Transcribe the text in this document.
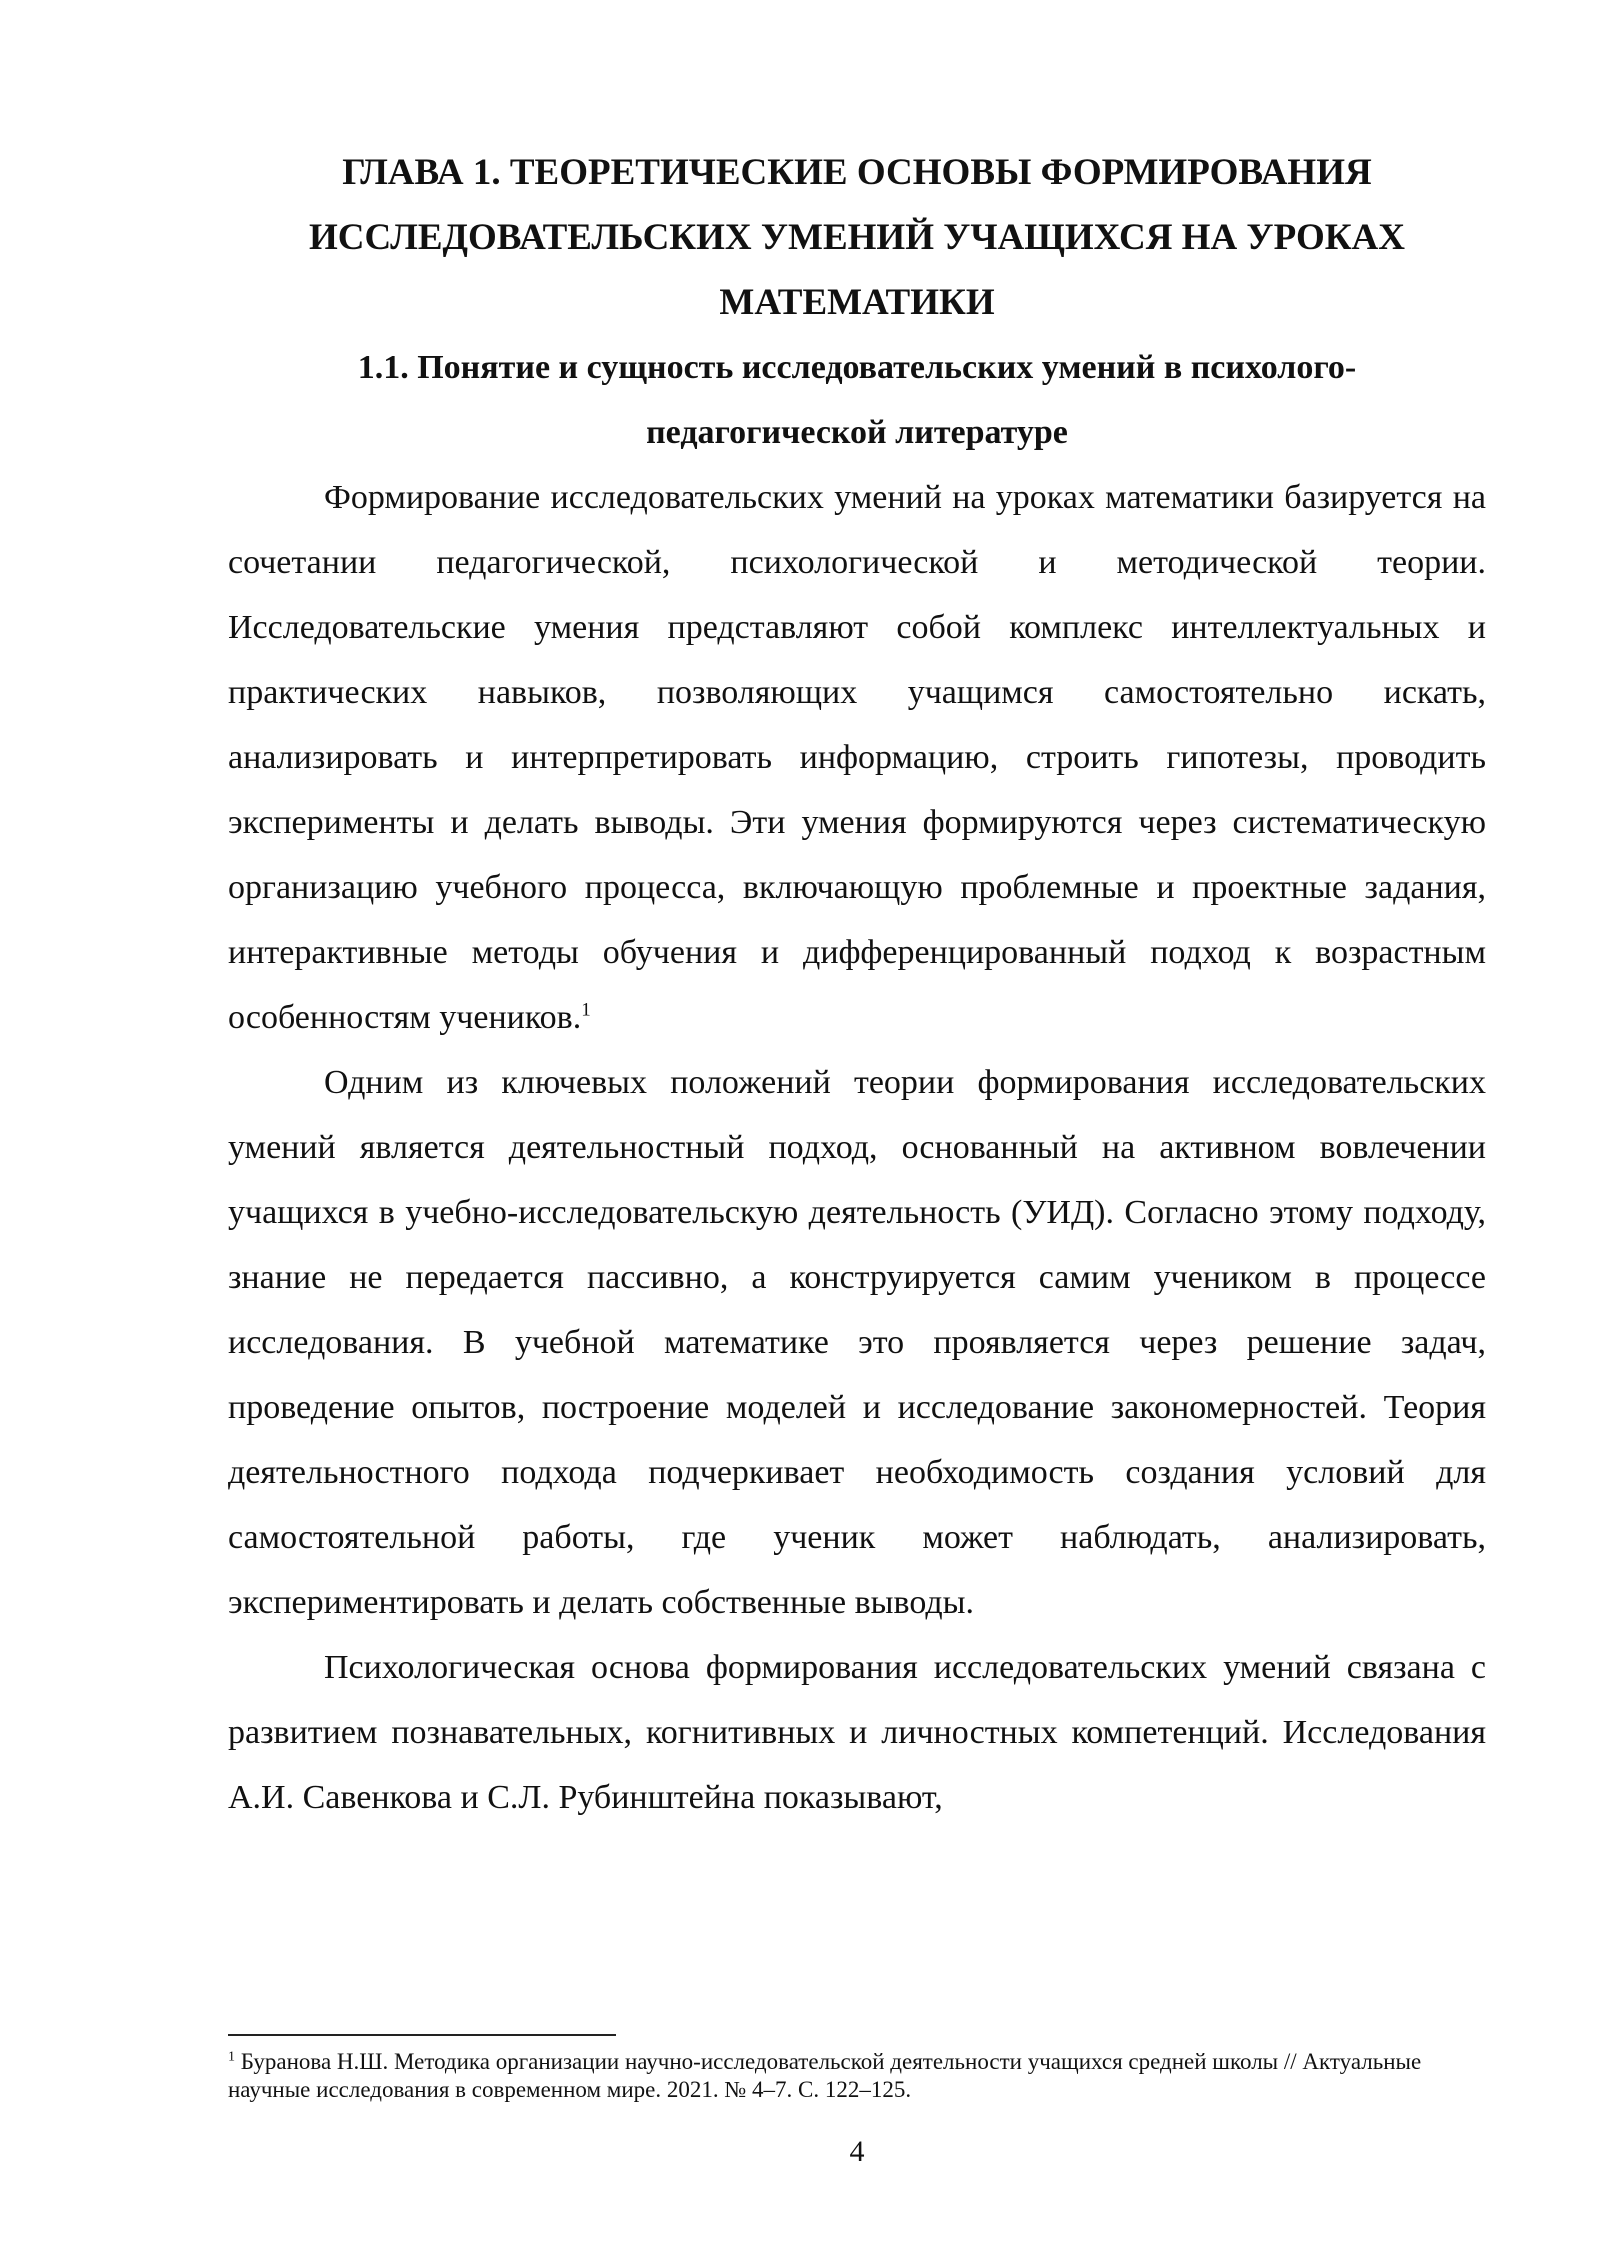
ГЛАВА 1. ТЕОРЕТИЧЕСКИЕ ОСНОВЫ ФОРМИРОВАНИЯ
ИССЛЕДОВАТЕЛЬСКИХ УМЕНИЙ УЧАЩИХСЯ НА УРОКАХ
МАТЕМАТИКИ

1.1. Понятие и сущность исследовательских умений в психолого-
педагогической литературе

Формирование исследовательских умений на уроках математики базируется на сочетании педагогической, психологической и методической теории. Исследовательские умения представляют собой комплекс интеллектуальных и практических навыков, позволяющих учащимся самостоятельно искать, анализировать и интерпретировать информацию, строить гипотезы, проводить эксперименты и делать выводы. Эти умения формируются через систематическую организацию учебного процесса, включающую проблемные и проектные задания, интерактивные методы обучения и дифференцированный подход к возрастным особенностям учеников.$^1$

Одним из ключевых положений теории формирования исследовательских умений является деятельностный подход, основанный на активном вовлечении учащихся в учебно-исследовательскую деятельность (УИД). Согласно этому подходу, знание не передается пассивно, а конструируется самим учеником в процессе исследования. В учебной математике это проявляется через решение задач, проведение опытов, построение моделей и исследование закономерностей. Теория деятельностного подхода подчеркивает необходимость создания условий для самостоятельной работы, где ученик может наблюдать, анализировать, экспериментировать и делать собственные выводы.

Психологическая основа формирования исследовательских умений связана с развитием познавательных, когнитивных и личностных компетенций. Исследования А.И. Савенкова и С.Л. Рубинштейна показывают,

$^1$ Буранова Н.Ш. Методика организации научно-исследовательской деятельности учащихся средней школы // Актуальные научные исследования в современном мире. 2021. № 4–7. С. 122–125.

4
